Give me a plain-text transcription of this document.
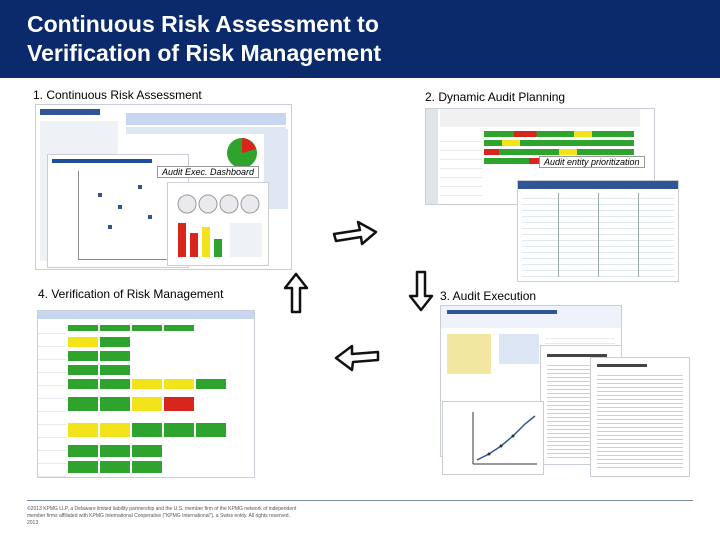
Continuous Risk Assessment to
Verification of Risk Management
1. Continuous Risk Assessment	2. Dynamic Audit Planning
3. Audit Execution
4. Verification of Risk Management
Audit Exec. Dashboard
Audit entity prioritization
©2013 KPMG LLP, a Delaware limited liability partnership and the U.S. member firm of the KPMG network of independent member firms affiliated with KPMG International Cooperative ("KPMG International"), a Swiss entity. All rights reserved. 2013
